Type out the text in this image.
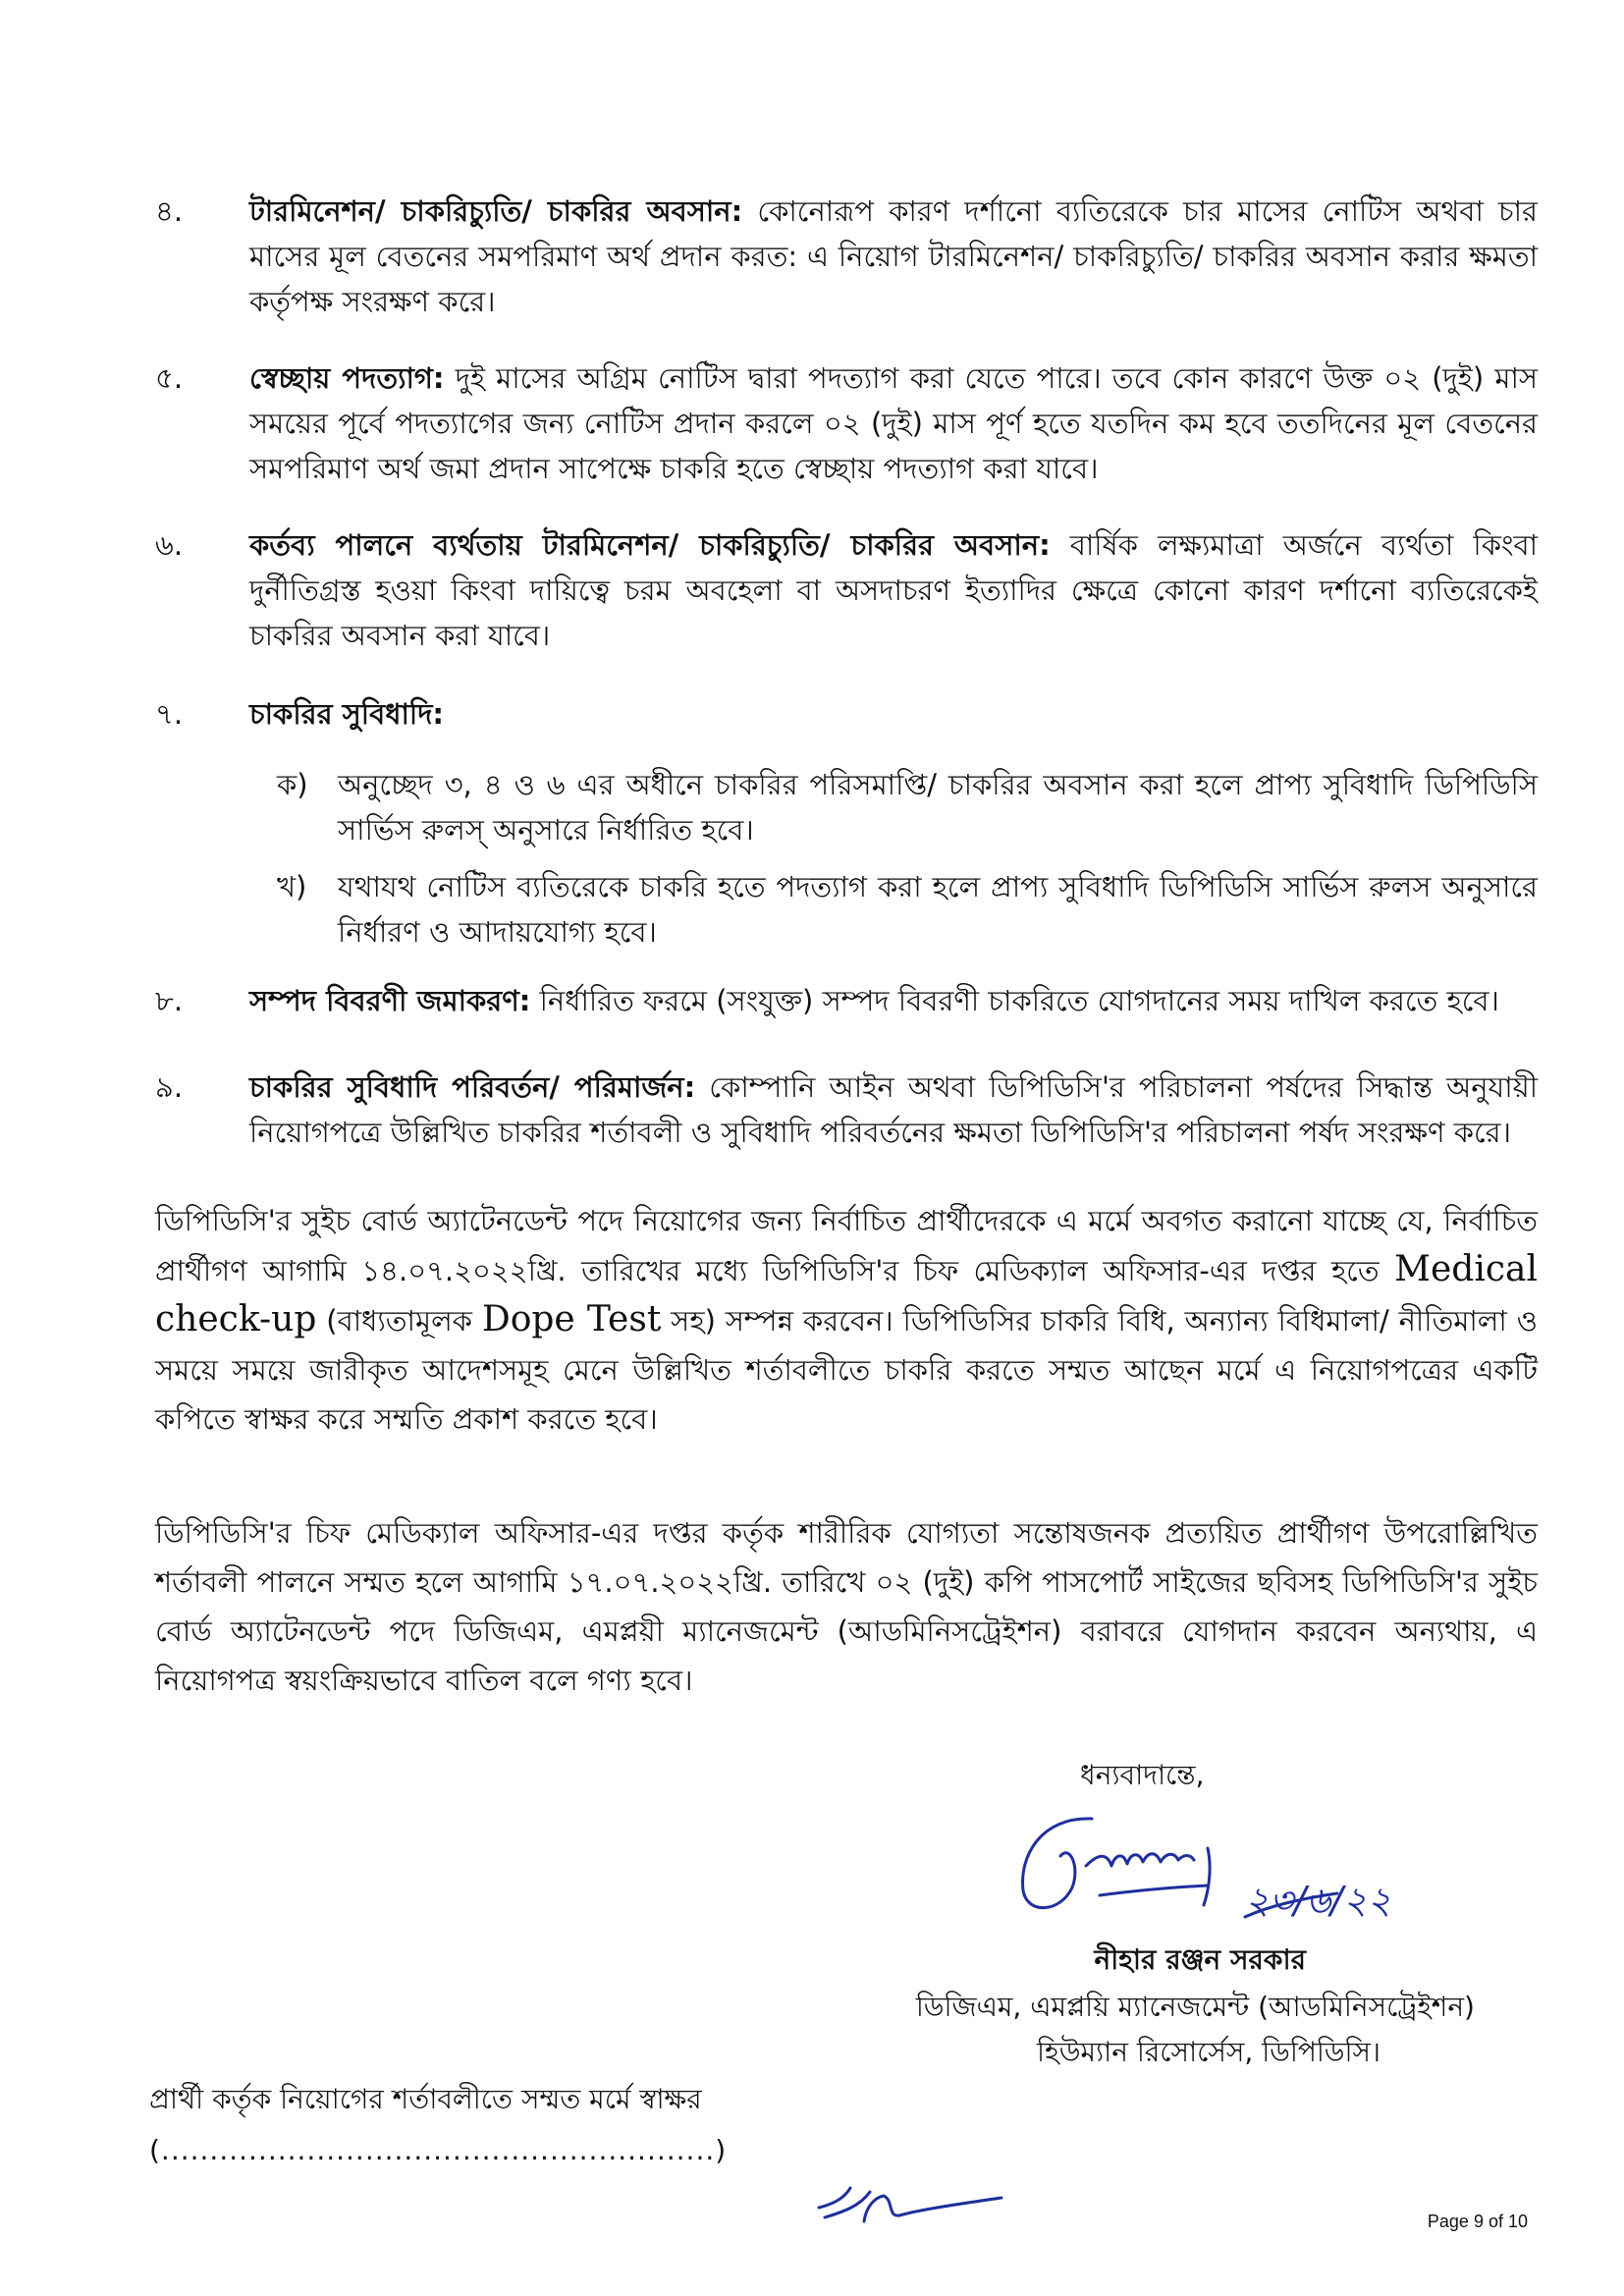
৪. টারমিনেশন/ চাকরিচ্যুতি/ চাকরির অবসান: কোনোরূপ কারণ দর্শানো ব্যতিরেকে চার মাসের নোটিস অথবা চার মাসের মূল বেতনের সমপরিমাণ অর্থ প্রদান করত: এ নিয়োগ টারমিনেশন/ চাকরিচ্যুতি/ চাকরির অবসান করার ক্ষমতা কর্তৃপক্ষ সংরক্ষণ করে।
৫. স্বেচ্ছায় পদত্যাগ: দুই মাসের অগ্রিম নোটিস দ্বারা পদত্যাগ করা যেতে পারে। তবে কোন কারণে উক্ত ০২ (দুই) মাস সময়ের পূর্বে পদত্যাগের জন্য নোটিস প্রদান করলে ০২ (দুই) মাস পূর্ণ হতে যতদিন কম হবে ততদিনের মূল বেতনের সমপরিমাণ অর্থ জমা প্রদান সাপেক্ষে চাকরি হতে স্বেচ্ছায় পদত্যাগ করা যাবে।
৬. কর্তব্য পালনে ব্যর্থতায় টারমিনেশন/ চাকরিচ্যুতি/ চাকরির অবসান: বার্ষিক লক্ষ্যমাত্রা অর্জনে ব্যর্থতা কিংবা দুর্নীতিগ্রস্ত হওয়া কিংবা দায়িত্বে চরম অবহেলা বা অসদাচরণ ইত্যাদির ক্ষেত্রে কোনো কারণ দর্শানো ব্যতিরেকেই চাকরির অবসান করা যাবে।
৭. চাকরির সুবিধাদি:
ক) অনুচ্ছেদ ৩, ৪ ও ৬ এর অধীনে চাকরির পরিসমাপ্তি/ চাকরির অবসান করা হলে প্রাপ্য সুবিধাদি ডিপিডিসি সার্ভিস রুলস্ অনুসারে নির্ধারিত হবে।
খ) যথাযথ নোটিস ব্যতিরেকে চাকরি হতে পদত্যাগ করা হলে প্রাপ্য সুবিধাদি ডিপিডিসি সার্ভিস রুলস অনুসারে নির্ধারণ ও আদায়যোগ্য হবে।
৮. সম্পদ বিবরণী জমাকরণ: নির্ধারিত ফরমে (সংযুক্ত) সম্পদ বিবরণী চাকরিতে যোগদানের সময় দাখিল করতে হবে।
৯. চাকরির সুবিধাদি পরিবর্তন/ পরিমার্জন: কোম্পানি আইন অথবা ডিপিডিসি'র পরিচালনা পর্ষদের সিদ্ধান্ত অনুযায়ী নিয়োগপত্রে উল্লিখিত চাকরির শর্তাবলী ও সুবিধাদি পরিবর্তনের ক্ষমতা ডিপিডিসি'র পরিচালনা পর্ষদ সংরক্ষণ করে।
ডিপিডিসি'র সুইচ বোর্ড অ্যাটেনডেন্ট পদে নিয়োগের জন্য নির্বাচিত প্রার্থীদেরকে এ মর্মে অবগত করানো যাচ্ছে যে, নির্বাচিত প্রার্থীগণ আগামি ১৪.০৭.২০২২খ্রি. তারিখের মধ্যে ডিপিডিসি'র চিফ মেডিক্যাল অফিসার-এর দপ্তর হতে Medical check-up (বাধ্যতামূলক Dope Test সহ) সম্পন্ন করবেন। ডিপিডিসির চাকরি বিধি, অন্যান্য বিধিমালা/ নীতিমালা ও সময়ে সময়ে জারীকৃত আদেশসমূহ মেনে উল্লিখিত শর্তাবলীতে চাকরি করতে সম্মত আছেন মর্মে এ নিয়োগপত্রের একটি কপিতে স্বাক্ষর করে সম্মতি প্রকাশ করতে হবে।
ডিপিডিসি'র চিফ মেডিক্যাল অফিসার-এর দপ্তর কর্তৃক শারীরিক যোগ্যতা সন্তোষজনক প্রত্যয়িত প্রার্থীগণ উপরোল্লিখিত শর্তাবলী পালনে সম্মত হলে আগামি ১৭.০৭.২০২২খ্রি. তারিখে ০২ (দুই) কপি পাসপোর্ট সাইজের ছবিসহ ডিপিডিসি'র সুইচ বোর্ড অ্যাটেনডেন্ট পদে ডিজিএম, এমপ্লয়ী ম্যানেজমেন্ট (আডমিনিসট্রেইশন) বরাবরে যোগদান করবেন অন্যথায়, এ নিয়োগপত্র স্বয়ংক্রিয়ভাবে বাতিল বলে গণ্য হবে।
ধন্যবাদান্তে,
২৩/৬/২২
নীহার রঞ্জন সরকার
ডিজিএম, এমপ্লয়ি ম্যানেজমেন্ট (আডমিনিসট্রেইশন)
হিউম্যান রিসোর্সেস, ডিপিডিসি।
প্রার্থী কর্তৃক নিয়োগের শর্তাবলীতে সম্মত মর্মে স্বাক্ষর
(.........................................................)
Page 9 of 10
